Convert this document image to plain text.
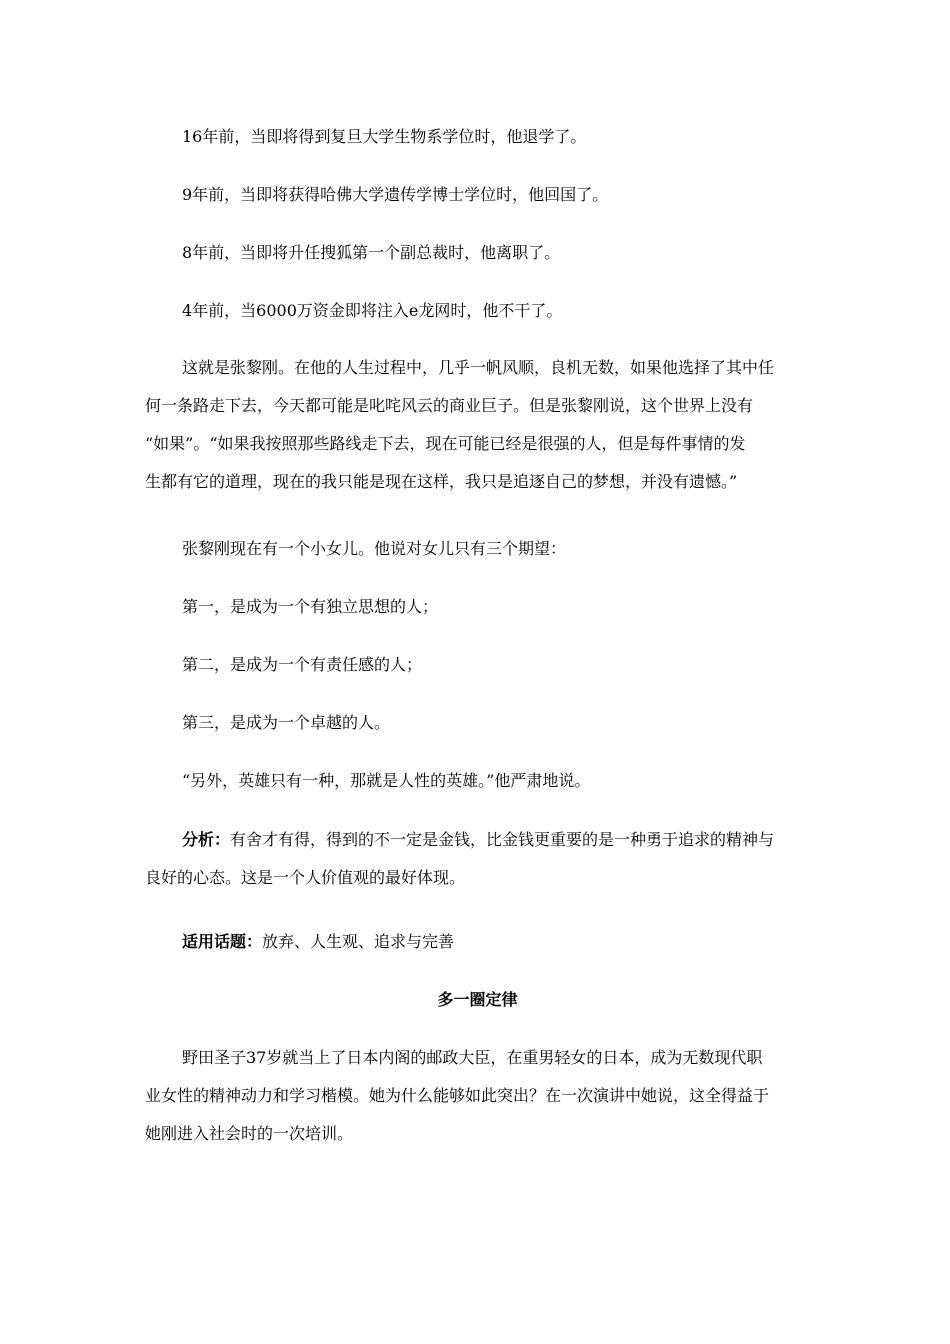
16年前，当即将得到复旦大学生物系学位时，他退学了。

9年前，当即将获得哈佛大学遗传学博士学位时，他回国了。

8年前，当即将升任搜狐第一个副总裁时，他离职了。

4年前，当6000万资金即将注入e龙网时，他不干了。

这就是张黎刚。在他的人生过程中，几乎一帆风顺，良机无数，如果他选择了其中任
何一条路走下去，今天都可能是叱咤风云的商业巨子。但是张黎刚说，这个世界上没有
“如果”。“如果我按照那些路线走下去，现在可能已经是很强的人，但是每件事情的发
生都有它的道理，现在的我只能是现在这样，我只是追逐自己的梦想，并没有遗憾。”

张黎刚现在有一个小女儿。他说对女儿只有三个期望：

第一，是成为一个有独立思想的人；

第二，是成为一个有责任感的人；

第三，是成为一个卓越的人。

“另外，英雄只有一种，那就是人性的英雄。”他严肃地说。

分析：有舍才有得，得到的不一定是金钱，比金钱更重要的是一种勇于追求的精神与
良好的心态。这是一个人价值观的最好体现。
适用话题：放弃、人生观、追求与完善
多一圈定律
野田圣子37岁就当上了日本内阁的邮政大臣，在重男轻女的日本，成为无数现代职
业女性的精神动力和学习楷模。她为什么能够如此突出？在一次演讲中她说，这全得益于
她刚进入社会时的一次培训。
